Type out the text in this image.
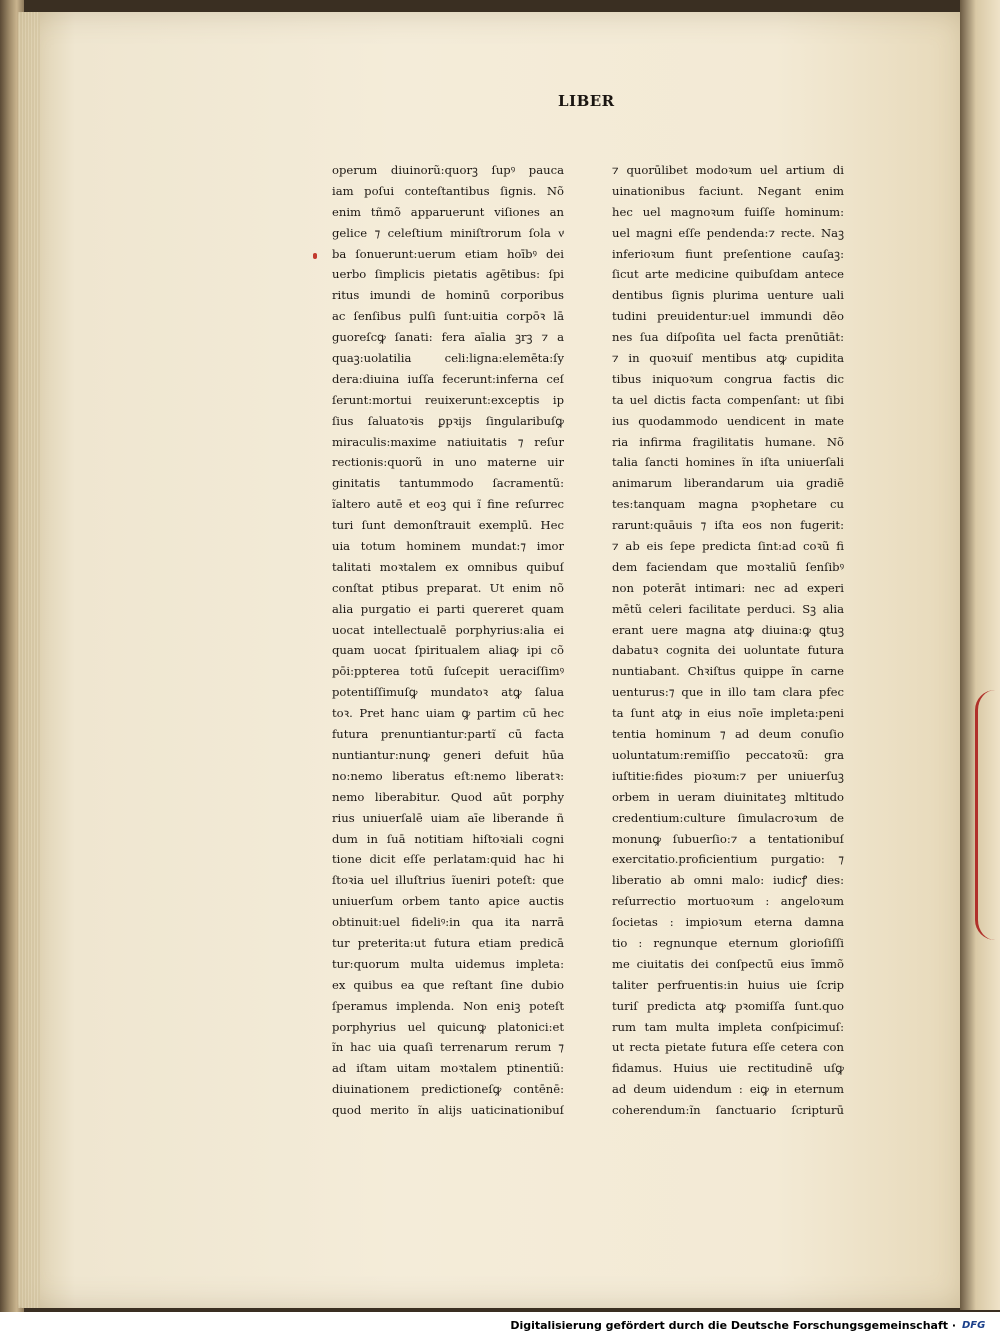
LIBER
operum diuinorũ:quorꝫ ſupꝰ pauca
iam poſui conteſtantibus ſignis. Nõ
enim tñmõ apparuerunt viſiones an
gelice ⁊ celeſtium miniſtrorum ſola vͤ
ba ſonuerunt:uerum etiam hoībꝰ dei
uerbo ſimplicis pietatis agētibus: ſpi
ritus imundi de hominū corporibus
ac ſenſibus pulſi ſunt:uitia corpōꝛ lā
guoreſcꝙ ſanati: fera aīalia ꝫrꝫ ⁊ a
quaꝫ:uolatilia celi:ligna:elemēta:ſy
dera:diuina iuſſa fecerunt:inferna ceſ
ſerunt:mortui reuixerunt:exceptis ip
ſius ſaluatoꝛis ꝑpꝛijs ſingularibuſꝙ
miraculis:maxime natiuitatis ⁊ reſur
rectionis:quorũ in uno materne uir
ginitatis tantummodo ſacramentũ:
ĩaltero autē et eoꝫ qui ĩ fine reſurrec
turi ſunt demonſtrauit exemplū. Hec
uia totum hominem mundat:⁊ imor
talitati moꝛtalem ex omnibus quibuſ
conſtat ptibus preparat. Ut enim nõ
alia purgatio ei parti quereret quam
uocat intellectualē porphyrius:alia ei
quam uocat ſpiritualem aliaꝙ ipi cõ
pōi:ppterea totū ſuſcepit ueraciſſimꝰ
potentiſſimuſꝙ mundatoꝛ atꝙ ſalua
toꝛ. Pret hanc uiam ꝙ partim cū hec
futura prenuntiantur:partĩ cū facta
nuntiantur:nunꝙ generi defuit hūa
no:nemo liberatus eſt:nemo liberatꝛ:
nemo liberabitur. Quod aūt porphy
rius uniuerſalē uiam aīe liberande ñ
dum in ſuā notitiam hiſtoꝛiali cogni
tione dicit eſſe perlatam:quid hac hi
ſtoꝛia uel illuſtrius ĩueniri poteſt: que
uniuerſum orbem tanto apice auctis
obtinuit:uel fideliꝰ:in qua ita narrā
tur preterita:ut futura etiam predicā
tur:quorum multa uidemus impleta:
ex quibus ea que reſtant ſine dubio
ſperamus implenda. Non eniꝫ poteſt
porphyrius uel quicunꝙ platonici:et
ĩn hac uia quaſi terrenarum rerum ⁊
ad iſtam uitam moꝛtalem ptinentiũ:
diuinationem predictioneſꝙ contēnē:
quod merito ĩn alijs uaticinationibuſ
⁊ quorūlibet modoꝛum uel artium di
uinationibus faciunt. Negant enim
hec uel magnoꝛum fuiſſe hominum:
uel magni eſſe pendenda:⁊ recte. Naꝫ
inferioꝛum fiunt preſentione cauſaꝫ:
ſicut arte medicine quibuſdam antece
dentibus ſignis plurima uenture uali
tudini preuidentur:uel immundi dēo
nes ſua diſpoſita uel facta prenūtiāt:
⁊ in quoꝛuiſ mentibus atꝙ cupidita
tibus iniquoꝛum congrua factis dic
ta uel dictis facta compenſant: ut ſibi
ius quodammodo uendicent in mate
ria infirma fragilitatis humane. Nõ
talia ſancti homines ĩn iſta uniuerſali
animarum liberandarum uia gradiē
tes:tanquam magna pꝛophetare cu
rarunt:quāuis ⁊ iſta eos non fugerit:
⁊ ab eis ſepe predicta ſint:ad coꝛũ fi
dem faciendam que moꝛtaliū ſenſibꝰ
non poterāt intimari: nec ad experi
mētũ celeri facilitate perduci. Sꝫ alia
erant uere magna atꝙ diuina:ꝙ ꝗtuꝫ
dabatuꝛ cognita dei uoluntate futura
nuntiabant. Chꝛiſtus quippe ĩn carne
uenturus:⁊ que in illo tam clara pfec
ta ſunt atꝙ in eius noīe impleta:peni
tentia hominum ⁊ ad deum conuſio
uoluntatum:remiſſio peccatoꝛũ: gra
iuſtitie:fides pioꝛum:⁊ per uniuerſuꝫ
orbem in ueram diuinitateꝫ mltitudo
credentium:culture ſimulacroꝛum de
monunꝙ ſubuerſio:⁊ a tentationibuſ
exercitatio.proficientium purgatio: ⁊
liberatio ab omni malo: iudicꝭ dies:
reſurrectio mortuoꝛum : angeloꝛum
ſocietas : impioꝛum eterna damna
tio : regnunque eternum glorioſiſſi
me ciuitatis dei conſpectū eius īmmõ
taliter perfruentis:in huius uie ſcrip
turiſ predicta atꝙ pꝛomiſſa ſunt.quo
rum tam multa impleta conſpicimuſ:
ut recta pietate futura eſſe cetera con
fidamus. Huius uie rectitudinē uſꝙ
ad deum uidendum : eiꝙ in eternum
coherendum:ĩn ſanctuario ſcripturū
Digitalisierung gefördert durch die Deutsche Forschungsgemeinschaft · DFG
